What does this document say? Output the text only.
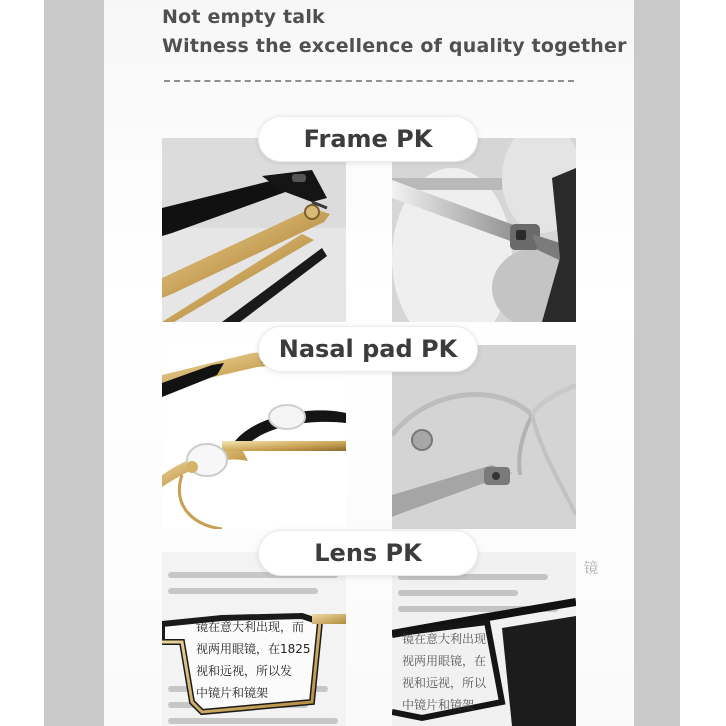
Not empty talk

Witness the excellence of quality together

Frame PK
Nasal pad PK
Lens PK
镜在意大利出现，而
视两用眼镜，在1825
视和远视，所以发
中镜片和镜架
镜在意大利出现
视两用眼镜，在
视和远视，所以
中镜片和镜架
镜
